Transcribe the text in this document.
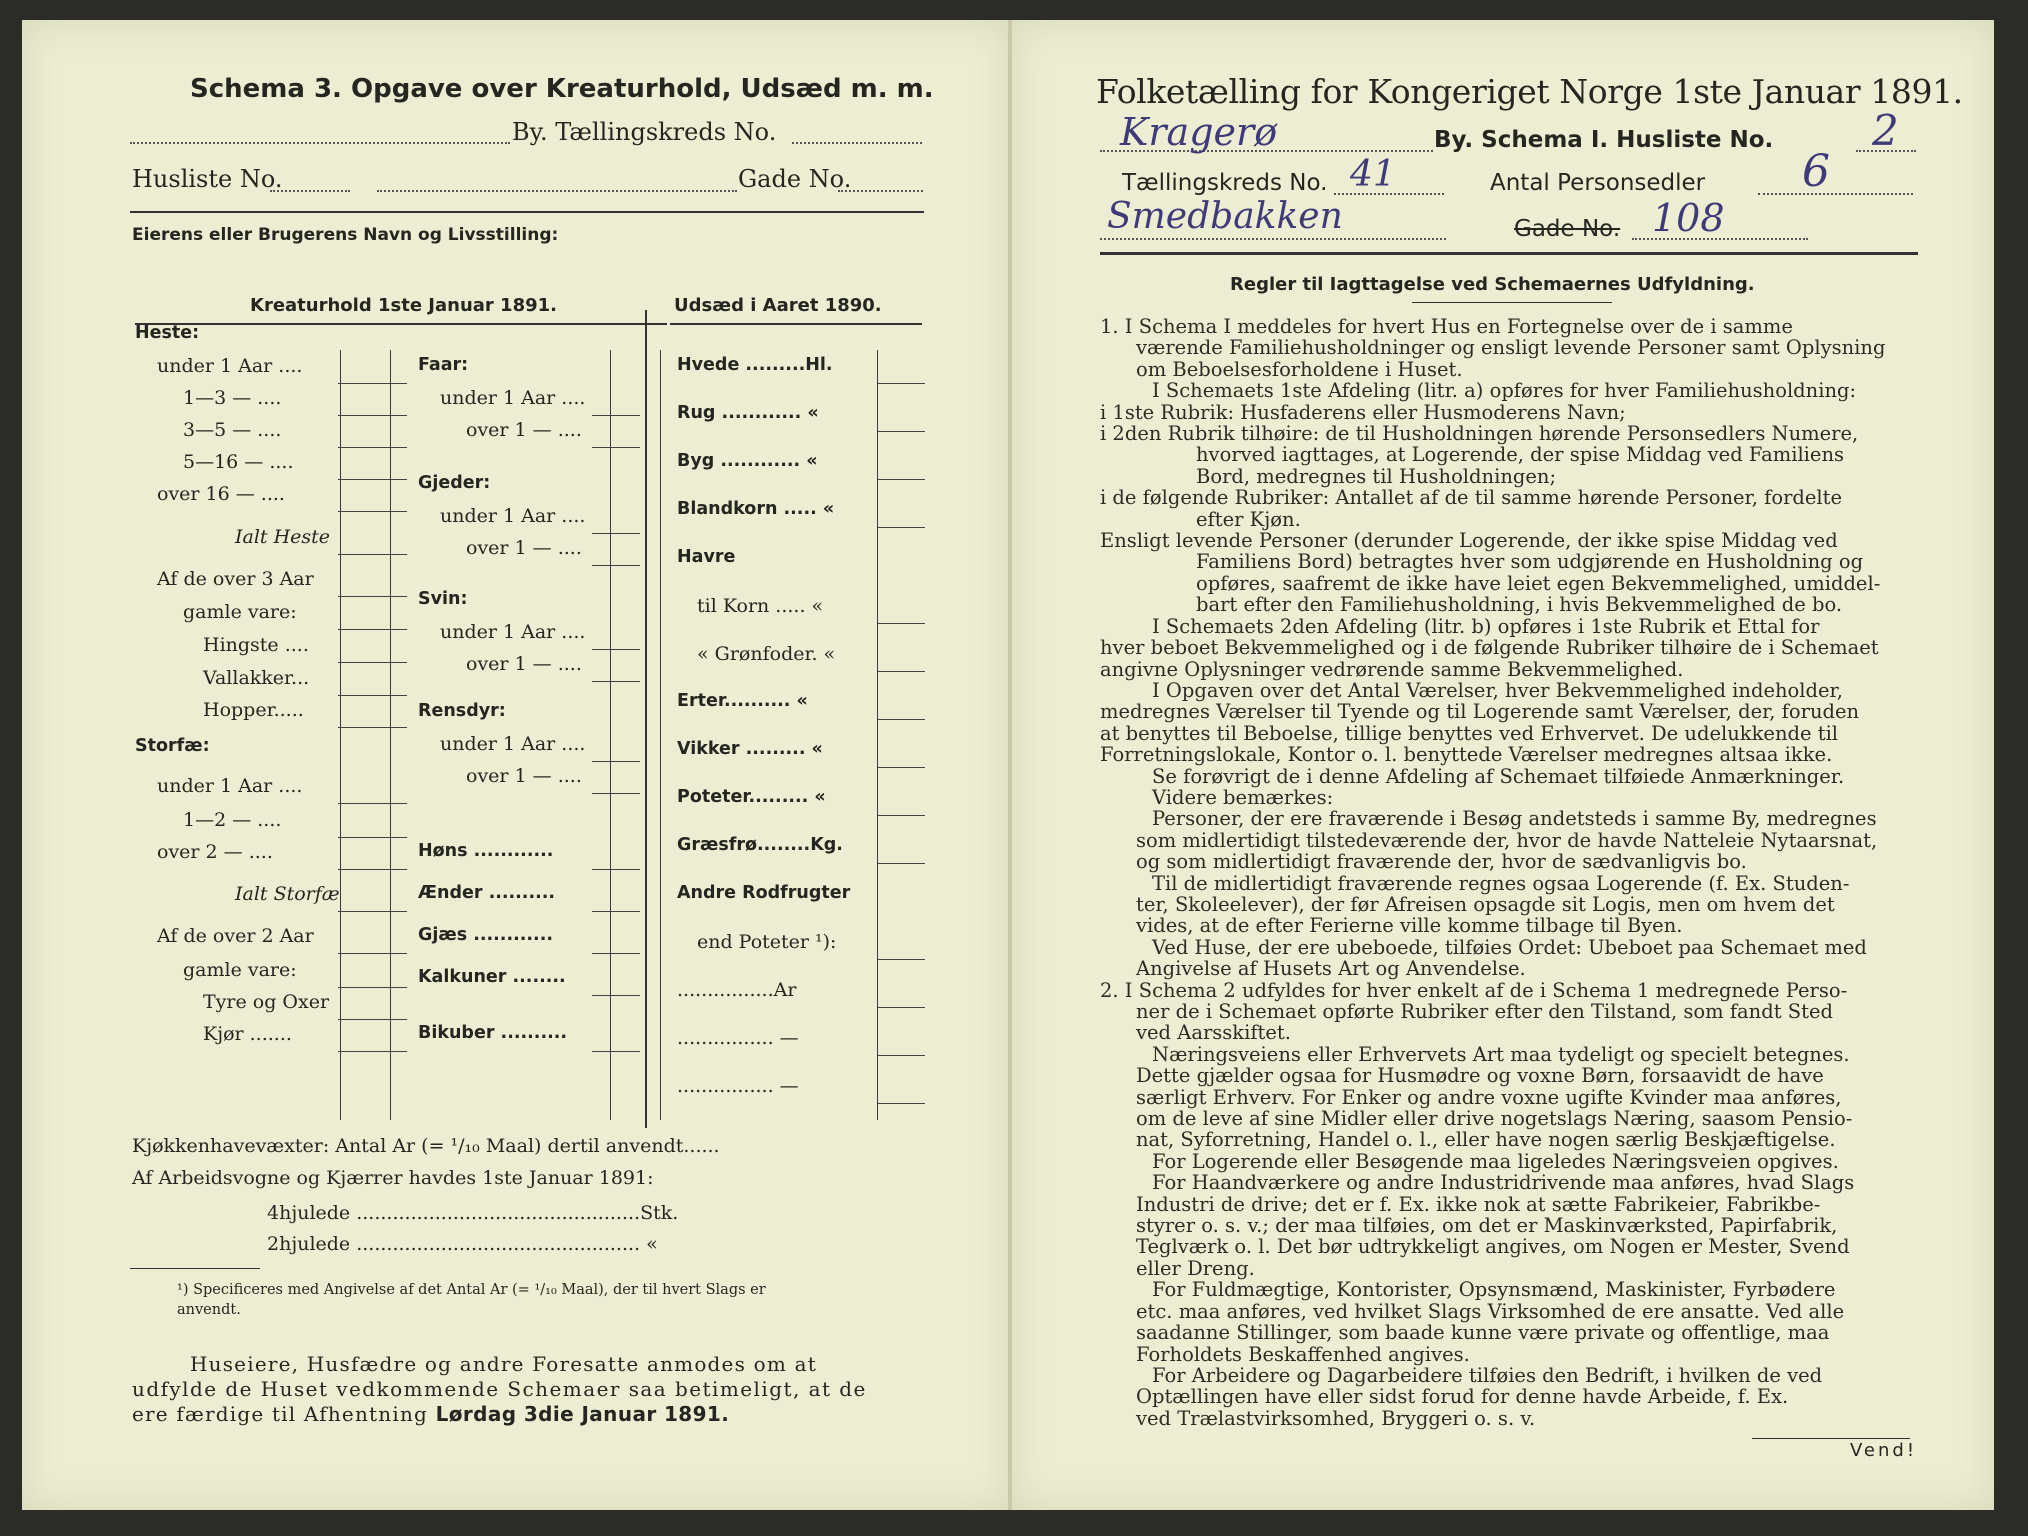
Schema 3. Opgave over Kreaturhold, Udsæd m. m.
By. Tællingskreds No.
Husliste No.	Gade No.
Eierens eller Brugerens Navn og Livsstilling:
Kreaturhold 1ste Januar 1891.	Udsæd i Aaret 1890.
Heste:
under 1 Aar ....
1—3 — ....
3—5 — ....
5—16 — ....
over 16 — ....
Ialt Heste
Af de over 3 Aar
gamle vare:
Hingste ....
Vallakker...
Hopper.....
Storfæ:
under 1 Aar ....
1—2 — ....
over 2 — ....
Ialt Storfæ
Af de over 2 Aar
gamle vare:
Tyre og Oxer
Kjør .......
Faar:
under 1 Aar ....
over 1 — ....
Gjeder:
under 1 Aar ....
over 1 — ....
Svin:
under 1 Aar ....
over 1 — ....
Rensdyr:
under 1 Aar ....
over 1 — ....
Høns ............
Ænder ..........
Gjæs ............
Kalkuner ........
Bikuber ..........
Hvede .........Hl.
Rug ............ «
Byg ............ «
Blandkorn ..... «
Havre
til Korn ..... «
« Grønfoder. «
Erter.......... «
Vikker ......... «
Poteter......... «
Græsfrø........Kg.
Andre Rodfrugter
end Poteter ¹):
................Ar
................ —
................ —
Kjøkkenhavevæxter: Antal Ar (= ¹/₁₀ Maal) dertil anvendt......
Af Arbeidsvogne og Kjærrer havdes 1ste Januar 1891:
4hjulede ...............................................Stk.
2hjulede ............................................... «
¹) Specificeres med Angivelse af det Antal Ar (= ¹/₁₀ Maal), der til hvert Slags er
anvendt.
Huseiere, Husfædre og andre Foresatte anmodes om at
udfylde de Huset vedkommende Schemaer saa betimeligt, at de
ere færdige til Afhentning Lørdag 3die Januar 1891.
Folketælling for Kongeriget Norge 1ste Januar 1891.
Kragerø	By. Schema I. Husliste No. 2
Tællingskreds No. 41	Antal Personsedler 6
Smedbakken	Gade No. 108
Regler til Iagttagelse ved Schemaernes Udfyldning.

1. I Schema I meddeles for hvert Hus en Fortegnelse over de i samme

værende Familiehusholdninger og ensligt levende Personer samt Oplysning

om Beboelsesforholdene i Huset.

I Schemaets 1ste Afdeling (litr. a) opføres for hver Familiehusholdning:

i 1ste Rubrik: Husfaderens eller Husmoderens Navn;

i 2den Rubrik tilhøire: de til Husholdningen hørende Personsedlers Numere,

hvorved iagttages, at Logerende, der spise Middag ved Familiens

Bord, medregnes til Husholdningen;

i de følgende Rubriker: Antallet af de til samme hørende Personer, fordelte

efter Kjøn.

Ensligt levende Personer (derunder Logerende, der ikke spise Middag ved

Familiens Bord) betragtes hver som udgjørende en Husholdning og

opføres, saafremt de ikke have leiet egen Bekvemmelighed, umiddel-

bart efter den Familiehusholdning, i hvis Bekvemmelighed de bo.

I Schemaets 2den Afdeling (litr. b) opføres i 1ste Rubrik et Ettal for

hver beboet Bekvemmelighed og i de følgende Rubriker tilhøire de i Schemaet

angivne Oplysninger vedrørende samme Bekvemmelighed.

I Opgaven over det Antal Værelser, hver Bekvemmelighed indeholder,

medregnes Værelser til Tyende og til Logerende samt Værelser, der, foruden

at benyttes til Beboelse, tillige benyttes ved Erhvervet. De udelukkende til

Forretningslokale, Kontor o. l. benyttede Værelser medregnes altsaa ikke.

Se forøvrigt de i denne Afdeling af Schemaet tilføiede Anmærkninger.

Videre bemærkes:

Personer, der ere fraværende i Besøg andetsteds i samme By, medregnes

som midlertidigt tilstedeværende der, hvor de havde Natteleie Nytaarsnat,

og som midlertidigt fraværende der, hvor de sædvanligvis bo.

Til de midlertidigt fraværende regnes ogsaa Logerende (f. Ex. Studen-

ter, Skoleelever), der før Afreisen opsagde sit Logis, men om hvem det

vides, at de efter Ferierne ville komme tilbage til Byen.

Ved Huse, der ere ubeboede, tilføies Ordet: Ubeboet paa Schemaet med

Angivelse af Husets Art og Anvendelse.

2. I Schema 2 udfyldes for hver enkelt af de i Schema 1 medregnede Perso-

ner de i Schemaet opførte Rubriker efter den Tilstand, som fandt Sted

ved Aarsskiftet.

Næringsveiens eller Erhvervets Art maa tydeligt og specielt betegnes.

Dette gjælder ogsaa for Husmødre og voxne Børn, forsaavidt de have

særligt Erhverv. For Enker og andre voxne ugifte Kvinder maa anføres,

om de leve af sine Midler eller drive nogetslags Næring, saasom Pensio-

nat, Syforretning, Handel o. l., eller have nogen særlig Beskjæftigelse.

For Logerende eller Besøgende maa ligeledes Næringsveien opgives.

For Haandværkere og andre Industridrivende maa anføres, hvad Slags

Industri de drive; det er f. Ex. ikke nok at sætte Fabrikeier, Fabrikbe-

styrer o. s. v.; der maa tilføies, om det er Maskinværksted, Papirfabrik,

Teglværk o. l. Det bør udtrykkeligt angives, om Nogen er Mester, Svend

eller Dreng.

For Fuldmægtige, Kontorister, Opsynsmænd, Maskinister, Fyrbødere

etc. maa anføres, ved hvilket Slags Virksomhed de ere ansatte. Ved alle

saadanne Stillinger, som baade kunne være private og offentlige, maa

Forholdets Beskaffenhed angives.

For Arbeidere og Dagarbeidere tilføies den Bedrift, i hvilken de ved

Optællingen have eller sidst forud for denne havde Arbeide, f. Ex.

ved Trælastvirksomhed, Bryggeri o. s. v.

Vend!
